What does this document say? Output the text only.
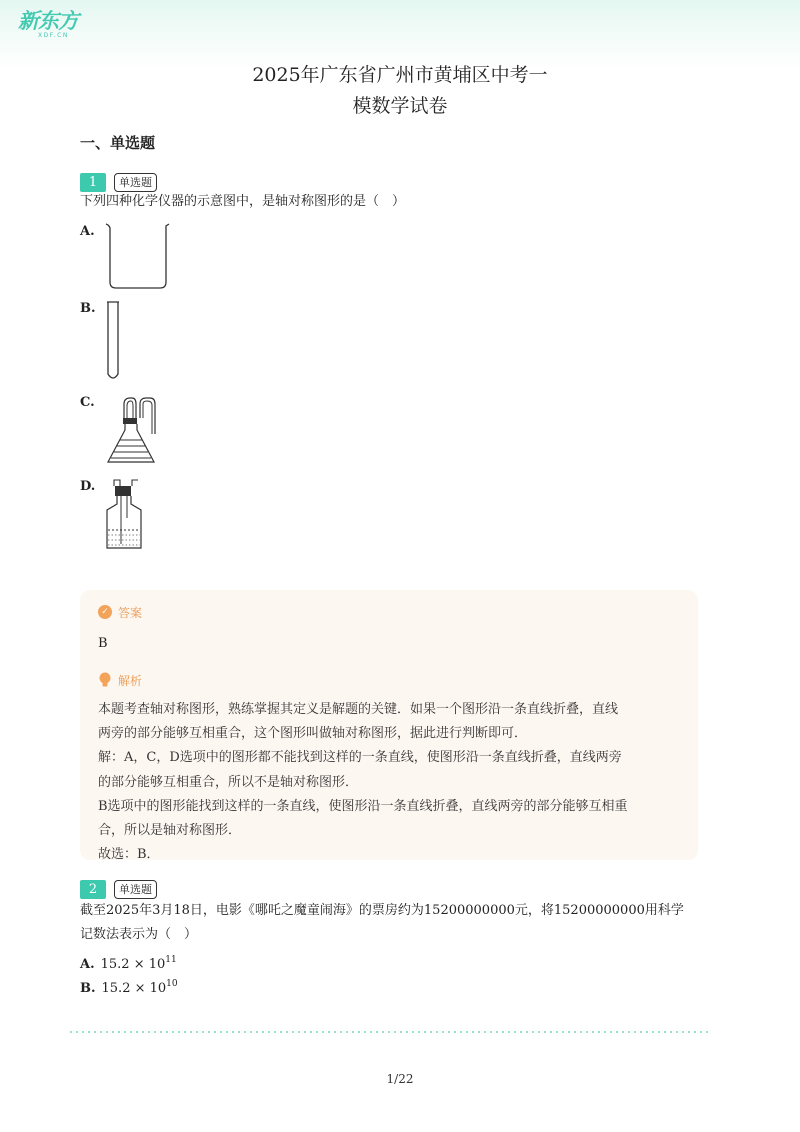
新东方
XDF.CN
2025年广东省广州市黄埔区中考一
模数学试卷
一、单选题
1	单选题
下列四种化学仪器的示意图中，是轴对称图形的是（　）
A.
B.
C.
D.
✓ 答案
B
解析

本题考查轴对称图形，熟练掌握其定义是解题的关键．如果一个图形沿一条直线折叠，直线

两旁的部分能够互相重合，这个图形叫做轴对称图形，据此进行判断即可．

解：A，C，D选项中的图形都不能找到这样的一条直线，使图形沿一条直线折叠，直线两旁

的部分能够互相重合，所以不是轴对称图形．

B选项中的图形能找到这样的一条直线，使图形沿一条直线折叠，直线两旁的部分能够互相重

合，所以是轴对称图形．

故选：B．

2	单选题
截至2025年3月18日，电影《哪吒之魔童闹海》的票房约为15200000000元，将15200000000用科学
记数法表示为（　）
A. $15.2 \times 10^{11}$
B. $15.2 \times 10^{10}$
1/22
